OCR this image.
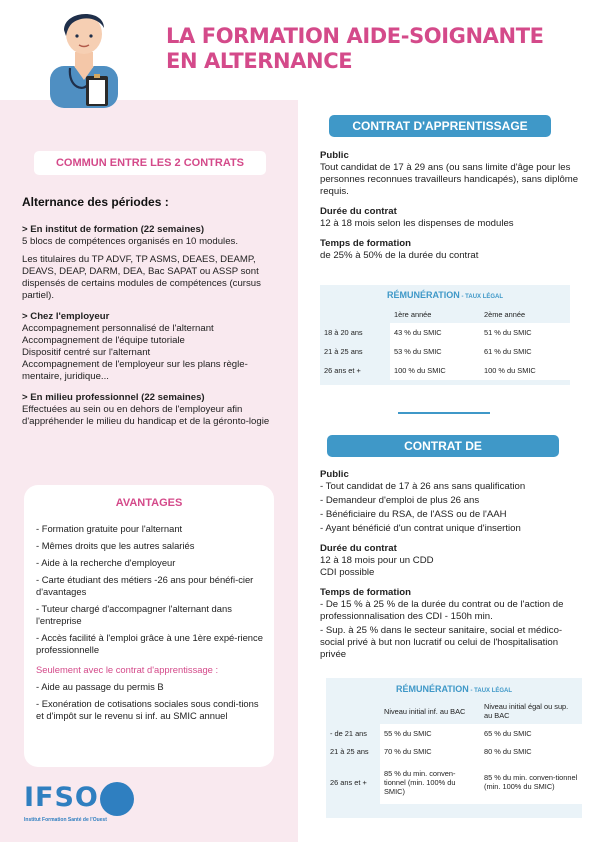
LA FORMATION AIDE-SOIGNANTE
EN ALTERNANCE
COMMUN ENTRE LES 2 CONTRATS
Alternance des périodes :

> En institut de formation (22 semaines)

5 blocs de compétences organisés en 10 modules.

Les titulaires du TP ADVF, TP ASMS, DEAES, DEAMP, DEAVS, DEAP, DARM, DEA, Bac SAPAT ou ASSP sont dispensés de certains modules de compétences (cursus partiel).

> Chez l'employeur

Accompagnement personnalisé de l'alternant

Accompagnement de l'équipe tutoriale

Dispositif centré sur l'alternant

Accompagnement de l'employeur sur les plans règle-mentaire, juridique...

> En milieu professionnel (22 semaines)

Effectuées au sein ou en dehors de l'employeur afin d'appréhender le milieu du handicap et de la géronto-logie

AVANTAGES
- Formation gratuite pour l'alternant
- Mêmes droits que les autres salariés
- Aide à la recherche d'employeur
- Carte étudiant des métiers -26 ans pour bénéfi-cier d'avantages
- Tuteur chargé d'accompagner l'alternant dans l'entreprise
- Accès facilité à l'emploi grâce à une 1ère expé-rience professionnelle
Seulement avec le contrat d'apprentissage :
- Aide au passage du permis B
- Exonération de cotisations sociales sous condi-tions et d'impôt sur le revenu si inf. au SMIC annuel
CONTRAT D'APPRENTISSAGE

Public

Tout candidat de 17 à 29 ans (ou sans limite d'âge pour les personnes reconnues travailleurs handicapés), sans diplôme requis.

Durée du contrat

12 à 18 mois selon les dispenses de modules

Temps de formation

de 25% à 50% de la durée du contrat

RÉMUNÉRATION - TAUX LÉGAL
	1ère année	2ème année
18 à 20 ans	43 % du SMIC	51 % du SMIC
21 à 25 ans	53 % du SMIC	61 % du SMIC
26 ans et +	100 % du SMIC	100 % du SMIC
CONTRAT DE PROFESSIONNALISATION

Public

- Tout candidat de 17 à 26 ans sans qualification
- Demandeur d'emploi de plus 26 ans
- Bénéficiaire du RSA, de l'ASS ou de l'AAH
- Ayant bénéficié d'un contrat unique d'insertion

Durée du contrat

12 à 18 mois pour un CDD

CDI possible

Temps de formation

- De 15 % à 25 % de la durée du contrat ou de l'action de professionnalisation des CDI - 150h min.
- Sup. à 25 % dans le secteur sanitaire, social et médico-social privé à but non lucratif ou celui de l'hospitalisation privée
RÉMUNÉRATION - TAUX LÉGAL
	Niveau initial inf. au BAC	Niveau initial égal ou sup. au BAC
- de 21 ans	55 % du SMIC	65 % du SMIC
21 à 25 ans	70 % du SMIC	80 % du SMIC
26 ans et +	85 % du min. conven-tionnel (min. 100% du SMIC)	85 % du min. conven-tionnel (min. 100% du SMIC)
IFSO
Institut Formation Santé de l'Ouest
